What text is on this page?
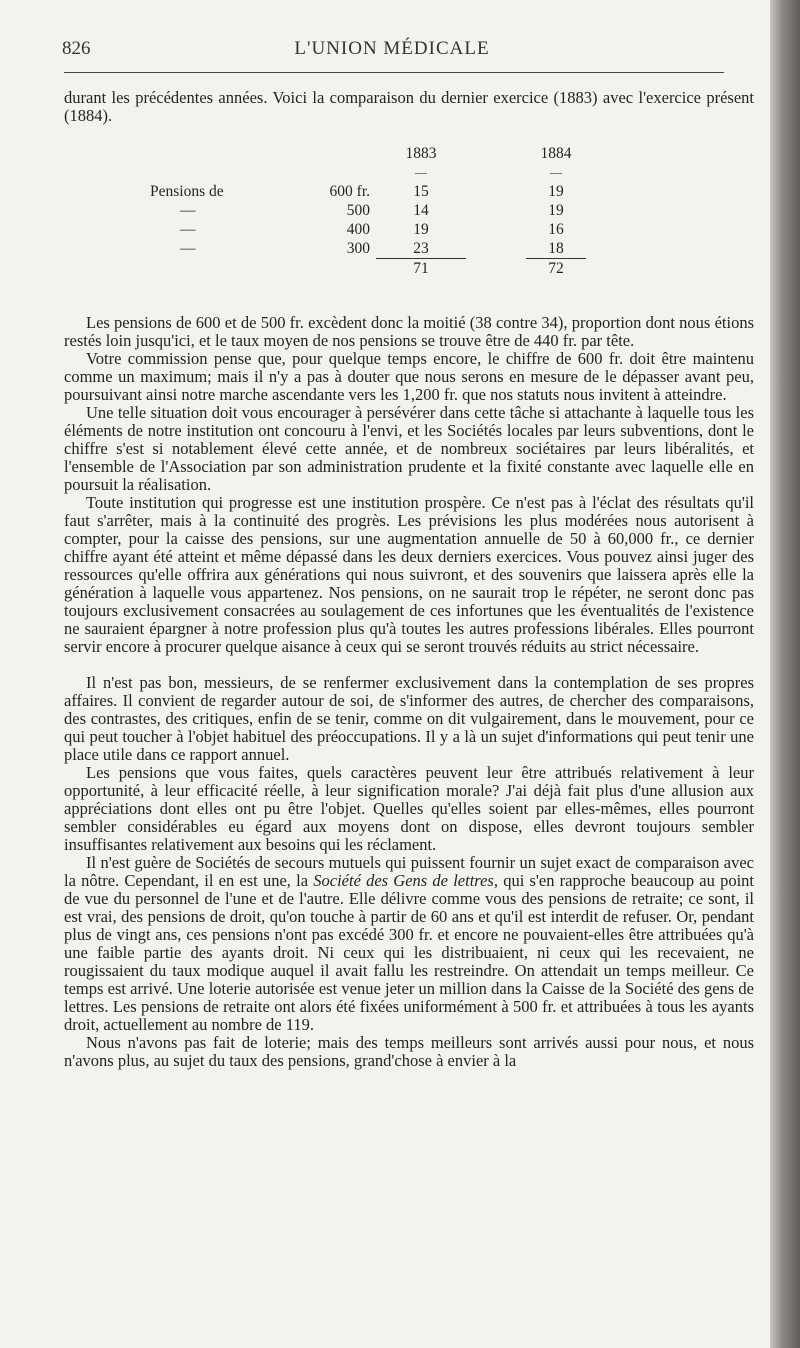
826	L'UNION MÉDICALE

durant les précédentes années. Voici la comparaison du dernier exercice (1883) avec l'exercice présent (1884).

		1883		1884
		—		—
Pensions de	600 fr.	15		19
—	500	14		19
—	400	19		16
—	300	23		18
		71		72

Les pensions de 600 et de 500 fr. excèdent donc la moitié (38 contre 34), proportion dont nous étions restés loin jusqu'ici, et le taux moyen de nos pensions se trouve être de 440 fr. par tête.

Votre commission pense que, pour quelque temps encore, le chiffre de 600 fr. doit être maintenu comme un maximum; mais il n'y a pas à douter que nous serons en mesure de le dépasser avant peu, poursuivant ainsi notre marche ascendante vers les 1,200 fr. que nos statuts nous invitent à atteindre.

Une telle situation doit vous encourager à persévérer dans cette tâche si attachante à laquelle tous les éléments de notre institution ont concouru à l'envi, et les Sociétés locales par leurs subventions, dont le chiffre s'est si notablement élevé cette année, et de nombreux sociétaires par leurs libéralités, et l'ensemble de l'Association par son administration prudente et la fixité constante avec laquelle elle en poursuit la réalisation.

Toute institution qui progresse est une institution prospère. Ce n'est pas à l'éclat des résultats qu'il faut s'arrêter, mais à la continuité des progrès. Les prévisions les plus modérées nous autorisent à compter, pour la caisse des pensions, sur une augmentation annuelle de 50 à 60,000 fr., ce dernier chiffre ayant été atteint et même dépassé dans les deux derniers exercices. Vous pouvez ainsi juger des ressources qu'elle offrira aux générations qui nous suivront, et des souvenirs que laissera après elle la génération à laquelle vous appartenez. Nos pensions, on ne saurait trop le répéter, ne seront donc pas toujours exclusivement consacrées au soulagement de ces infortunes que les éventualités de l'existence ne sauraient épargner à notre profession plus qu'à toutes les autres professions libérales. Elles pourront servir encore à procurer quelque aisance à ceux qui se seront trouvés réduits au strict nécessaire.

Il n'est pas bon, messieurs, de se renfermer exclusivement dans la contemplation de ses propres affaires. Il convient de regarder autour de soi, de s'informer des autres, de chercher des comparaisons, des contrastes, des critiques, enfin de se tenir, comme on dit vulgairement, dans le mouvement, pour ce qui peut toucher à l'objet habituel des préoccupations. Il y a là un sujet d'informations qui peut tenir une place utile dans ce rapport annuel.

Les pensions que vous faites, quels caractères peuvent leur être attribués relativement à leur opportunité, à leur efficacité réelle, à leur signification morale? J'ai déjà fait plus d'une allusion aux appréciations dont elles ont pu être l'objet. Quelles qu'elles soient par elles-mêmes, elles pourront sembler considérables eu égard aux moyens dont on dispose, elles devront toujours sembler insuffisantes relativement aux besoins qui les réclament.

Il n'est guère de Sociétés de secours mutuels qui puissent fournir un sujet exact de comparaison avec la nôtre. Cependant, il en est une, la Société des Gens de lettres, qui s'en rapproche beaucoup au point de vue du personnel de l'une et de l'autre. Elle délivre comme vous des pensions de retraite; ce sont, il est vrai, des pensions de droit, qu'on touche à partir de 60 ans et qu'il est interdit de refuser. Or, pendant plus de vingt ans, ces pensions n'ont pas excédé 300 fr. et encore ne pouvaient-elles être attribuées qu'à une faible partie des ayants droit. Ni ceux qui les distribuaient, ni ceux qui les recevaient, ne rougissaient du taux modique auquel il avait fallu les restreindre. On attendait un temps meilleur. Ce temps est arrivé. Une loterie autorisée est venue jeter un million dans la Caisse de la Société des gens de lettres. Les pensions de retraite ont alors été fixées uniformément à 500 fr. et attribuées à tous les ayants droit, actuellement au nombre de 119.

Nous n'avons pas fait de loterie; mais des temps meilleurs sont arrivés aussi pour nous, et nous n'avons plus, au sujet du taux des pensions, grand'chose à envier à la
